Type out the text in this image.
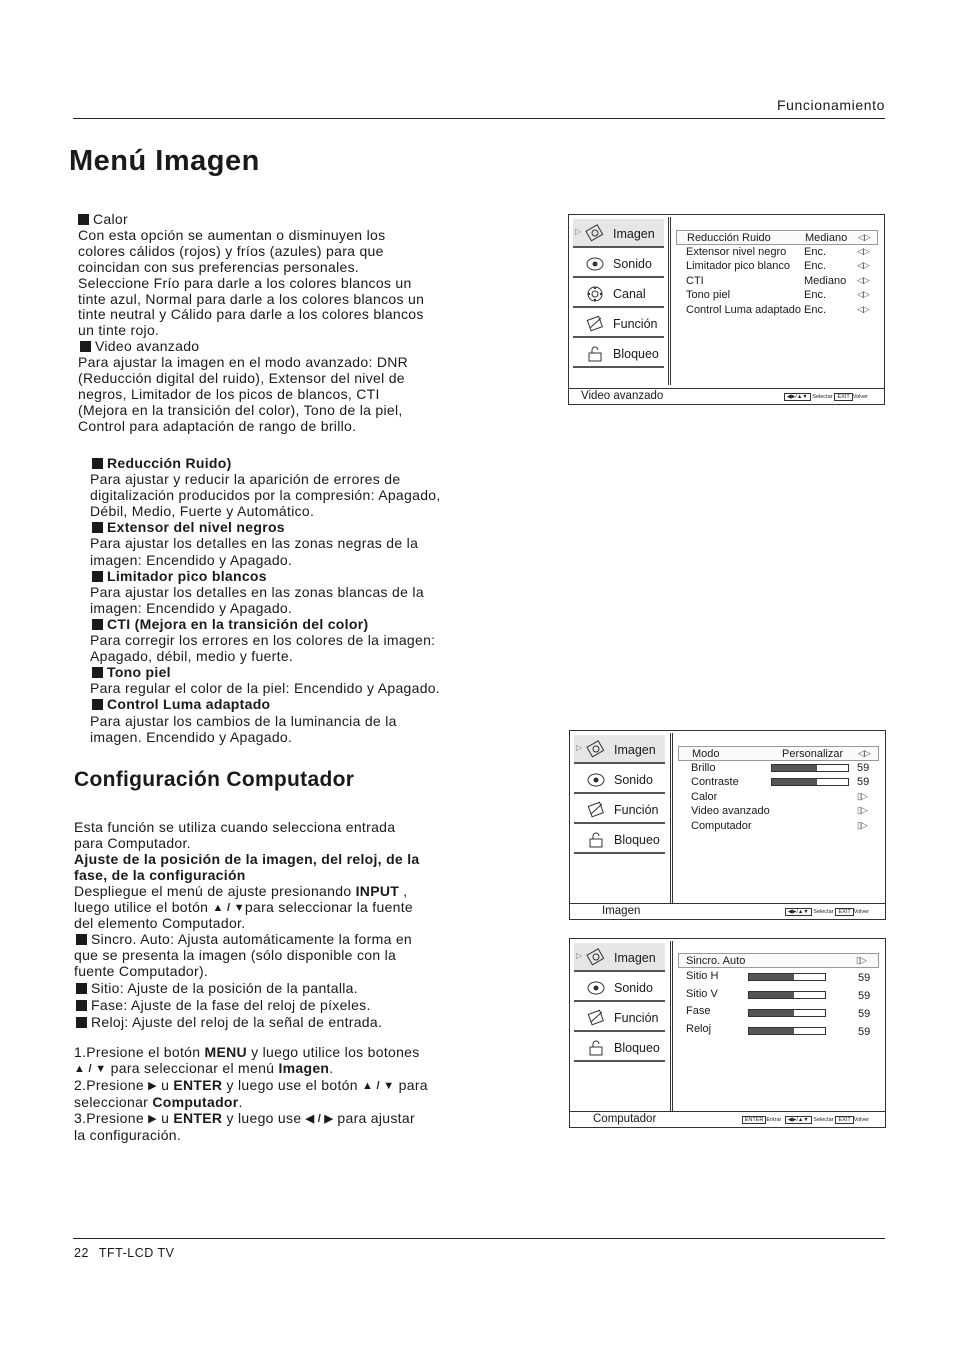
Funcionamiento
Menú Imagen

Calor

Con esta opción se aumentan o disminuyen los

colores cálidos (rojos) y fríos (azules) para que

coincidan con sus preferencias personales.

Seleccione Frío para darle a los colores blancos un

tinte azul, Normal para darle a los colores blancos un

tinte neutral y Cálido para darle a los colores blancos

un tinte rojo.

Video avanzado

Para ajustar la imagen en el modo avanzado: DNR

(Reducción digital del ruido), Extensor del nivel de

negros, Limitador de los picos de blancos, CTI

(Mejora en la transición del color), Tono de la piel,

Control para adaptación de rango de brillo.

Reducción Ruido)

Para ajustar y reducir la aparición de errores de

digitalización producidos por la compresión: Apagado,

Débil, Medio, Fuerte y Automático.

Extensor del nivel negros

Para ajustar los detalles en las zonas negras de la

imagen: Encendido y Apagado.

Limitador pico blancos

Para ajustar los detalles en las zonas blancas de la

imagen: Encendido y Apagado.

CTI (Mejora en la transición del color)

Para corregir los errores en los colores de la imagen:

Apagado, débil, medio y fuerte.

Tono piel

Para regular el color de la piel: Encendido y Apagado.

Control Luma adaptado

Para ajustar los cambios de la luminancia de la

imagen. Encendido y Apagado.

Configuración Computador

Esta función se utiliza cuando selecciona entrada

para Computador.

Ajuste de la posición de la imagen, del reloj, de la

fase, de la configuración

Despliegue el menú de ajuste presionando INPUT ,

luego utilice el botón ▲ / ▼para seleccionar la fuente

del elemento Computador.

Sincro. Auto: Ajusta automáticamente la forma en

que se presenta la imagen (sólo disponible con la

fuente Computador).

Sitio: Ajuste de la posición de la pantalla.

Fase: Ajuste de la fase del reloj de píxeles.

Reloj: Ajuste del reloj de la señal de entrada.

1.Presione el botón MENU y luego utilice los botones

▲ / ▼ para seleccionar el menú Imagen.

2.Presione ▶ u ENTER y luego use el botón ▲ / ▼ para

seleccionar Computador.

3.Presione ▶ u ENTER y luego use ◀ / ▶ para ajustar

la configuración.

▷	Imagen
Sonido
Canal
Función
Bloqueo
Reducción Ruido	Mediano ◁▷
Extensor nivel negro Enc.	◁▷
Limitador pico blanco Enc.	◁▷
CTI	Mediano ◁▷
Tono piel	Enc.	◁▷
Control Luma adaptado Enc.	◁▷
Video avanzado	◀▶/▲▼ Selectar EXIT Volver
▷	Imagen
Sonido
Función
Bloqueo
Modo	Personalizar ◁▷
Brillo	59
Contraste	59
Calor	▯▷
Video avanzado	▯▷
Computador	▯▷
Imagen	◀▶/▲▼ Selectar EXIT Volver
▷	Imagen
Sonido
Función
Bloqueo
Sincro. Auto	▯▷
Sitio H	59
Sitio V	59
Fase	59
Reloj	59
Computador	ENTER Entrar ◀▶/▲▼ Selectar EXIT Volver
22 TFT-LCD TV
